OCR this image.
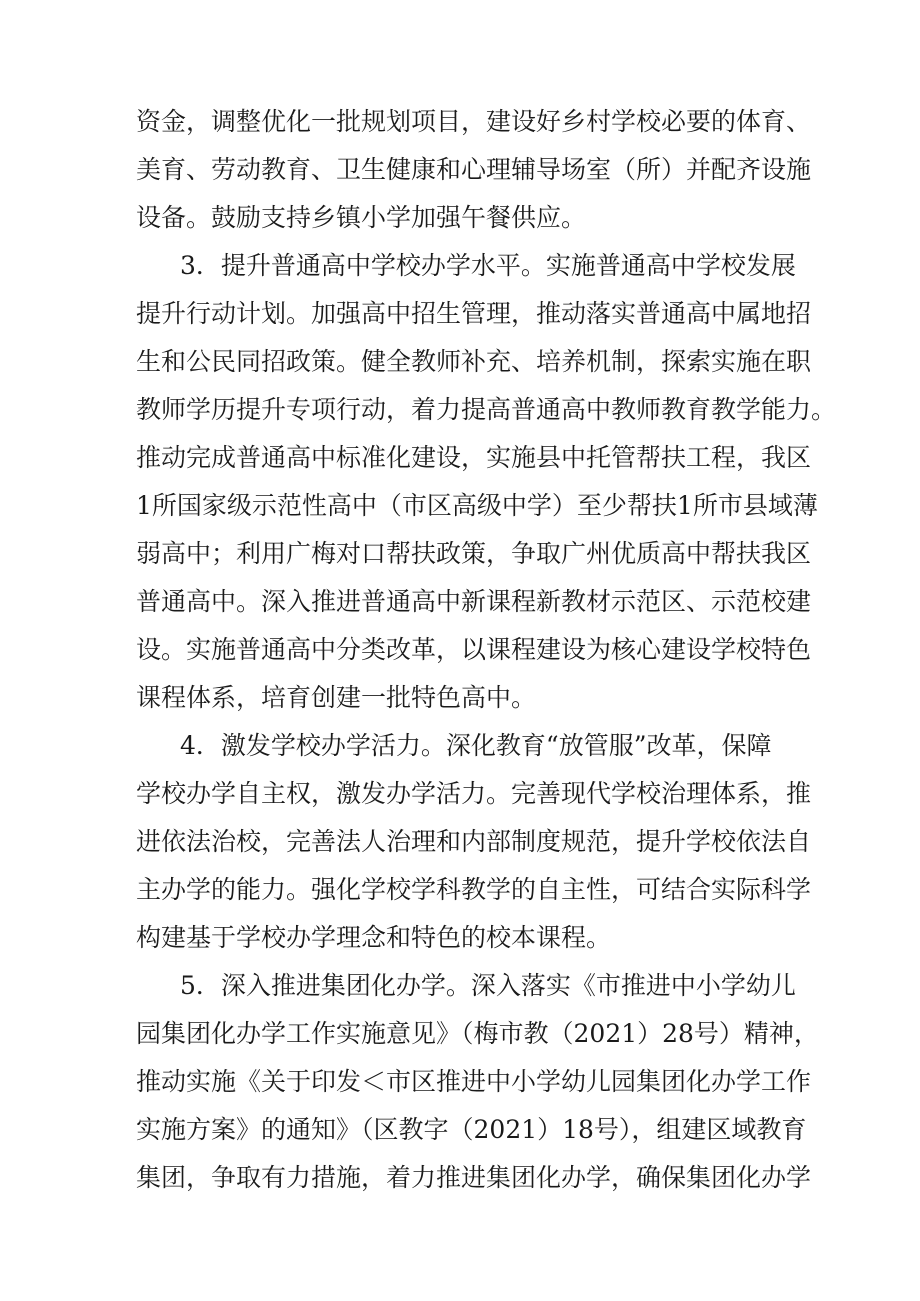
资金，调整优化一批规划项目，建设好乡村学校必要的体育、

美育、劳动教育、卫生健康和心理辅导场室（所）并配齐设施

设备。鼓励支持乡镇小学加强午餐供应。

3．提升普通高中学校办学水平。实施普通高中学校发展

提升行动计划。加强高中招生管理，推动落实普通高中属地招

生和公民同招政策。健全教师补充、培养机制，探索实施在职

教师学历提升专项行动，着力提高普通高中教师教育教学能力。

推动完成普通高中标准化建设，实施县中托管帮扶工程，我区

1所国家级示范性高中（市区高级中学）至少帮扶1所市县域薄

弱高中；利用广梅对口帮扶政策，争取广州优质高中帮扶我区

普通高中。深入推进普通高中新课程新教材示范区、示范校建

设。实施普通高中分类改革，以课程建设为核心建设学校特色

课程体系，培育创建一批特色高中。

4．激发学校办学活力。深化教育“放管服”改革，保障

学校办学自主权，激发办学活力。完善现代学校治理体系，推

进依法治校，完善法人治理和内部制度规范，提升学校依法自

主办学的能力。强化学校学科教学的自主性，可结合实际科学

构建基于学校办学理念和特色的校本课程。

5．深入推进集团化办学。深入落实《市推进中小学幼儿

园集团化办学工作实施意见》（梅市教（2021）28号）精神，

推动实施《关于印发＜市区推进中小学幼儿园集团化办学工作

实施方案》的通知》（区教字（2021）18号），组建区域教育

集团，争取有力措施，着力推进集团化办学，确保集团化办学
